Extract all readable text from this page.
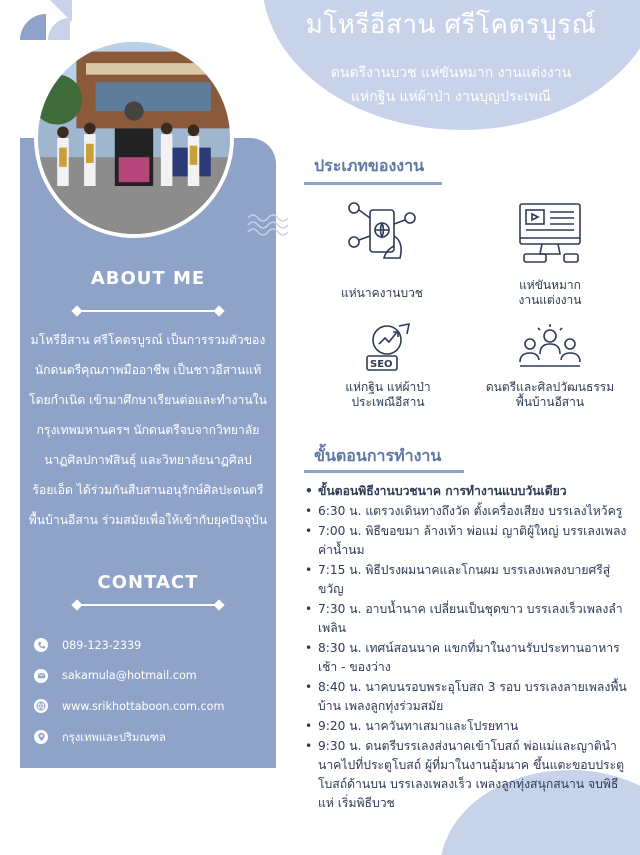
มโหรีอีสาน ศรีโคตรบูรณ์
ดนตรีงานบวช แห่ขันหมาก งานแต่งงาน
แห่กฐิน แห่ผ้าป่า งานบุญประเพณี
ABOUT ME
มโหรีอีสาน ศรีโคตรบูรณ์ เป็นการรวมตัวของนักดนตรีคุณภาพมืออาชีพ เป็นชาวอีสานแท้โดยกำเนิด เข้ามาศึกษาเรียนต่อและทำงานในกรุงเทพมหานครฯ นักดนตรีจบจากวิทยาลัยนาฏศิลปกาฬสินธุ์ และวิทยาลัยนาฏศิลปร้อยเอ็ด ได้ร่วมกันสืบสานอนุรักษ์ศิลปะดนตรีพื้นบ้านอีสาน ร่วมสมัยเพื่อให้เข้ากับยุคปัจจุบัน
CONTACT
089-123-2339
sakamula@hotmail.com
www.srikhottaboon.com.com
กรุงเทพและปริมณฑล
ประเภทของงาน
แห่นาคงานบวช
แห่ขันหมาก
งานแต่งงาน
SEO
แห่กฐิน แห่ผ้าป่า
ประเพณีอีสาน
ดนตรีและศิลปวัฒนธรรม
พื้นบ้านอีสาน
ขั้นตอนการทำงาน
• ขั้นตอนพิธีงานบวชนาค การทำงานแบบวันเดียว
• 6:30 น. แตรวงเดินทางถึงวัด ตั้งเครื่องเสียง บรรเลงไหว้ครู
• 7:00 น. พิธีขอขมา ล้างเท้า พ่อแม่ ญาติผู้ใหญ่ บรรเลงเพลงค่าน้ำนม
• 7:15 น. พิธีปรงผมนาคและโกนผม บรรเลงเพลงบายศรีสู่ขวัญ
• 7:30 น. อาบน้ำนาค เปลี่ยนเป็นชุดขาว บรรเลงเร็วเพลงลำเพลิน
• 8:30 น. เทศน์สอนนาค แขกที่มาในงานรับประทานอาหารเช้า - ของว่าง
• 8:40 น. นาคบนรอบพระอุโบสถ 3 รอบ บรรเลงลายเพลงพื้นบ้าน เพลงลูกทุ่งร่วมสมัย
• 9:20 น. นาควันทาเสมาและโปรยทาน
• 9:30 น. ดนตรีบรรเลงส่งนาคเข้าโบสถ์ พ่อแม่และญาตินำนาคไปที่ประตูโบสถ์ ผู้ที่มาในงานอุ้มนาค ขึ้นแตะขอบประตูโบสถ์ด้านบน บรรเลงเพลงเร็ว เพลงลูกทุ่งสนุกสนาน จบพิธีแห่ เริ่มพิธีบวช
